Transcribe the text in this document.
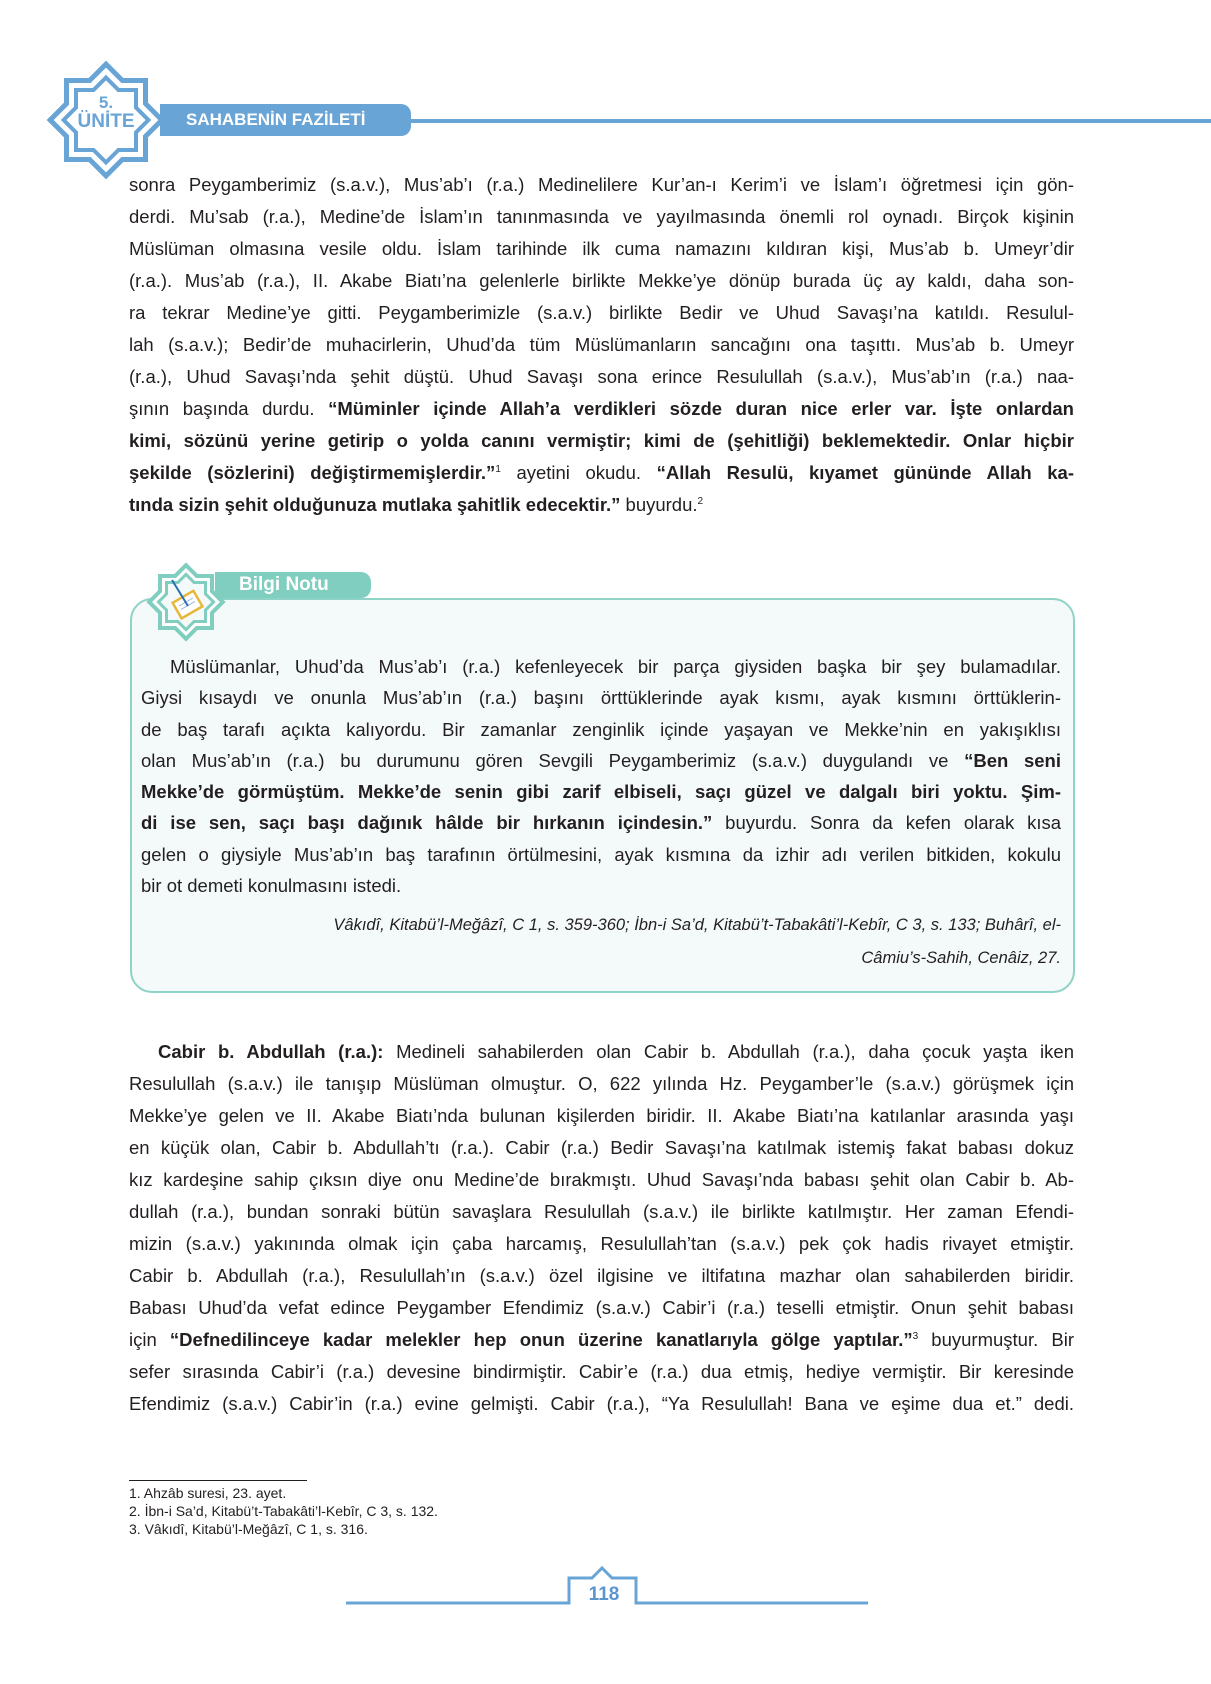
5.
ÜNİTE	SAHABENİN FAZİLETİ
sonra Peygamberimiz (s.a.v.), Mus’ab’ı (r.a.) Medinelilere Kur’an-ı Kerim’i ve İslam’ı öğretmesi için gön-
derdi. Mu’sab (r.a.), Medine’de İslam’ın tanınmasında ve yayılmasında önemli rol oynadı. Birçok kişinin
Müslüman olmasına vesile oldu. İslam tarihinde ilk cuma namazını kıldıran kişi, Mus’ab b. Umeyr’dir
(r.a.). Mus’ab (r.a.), II. Akabe Biatı’na gelenlerle birlikte Mekke’ye dönüp burada üç ay kaldı, daha son-
ra tekrar Medine’ye gitti. Peygamberimizle (s.a.v.) birlikte Bedir ve Uhud Savaşı’na katıldı. Resulul-
lah (s.a.v.); Bedir’de muhacirlerin, Uhud’da tüm Müslümanların sancağını ona taşıttı. Mus’ab b. Umeyr
(r.a.), Uhud Savaşı’nda şehit düştü. Uhud Savaşı sona erince Resulullah (s.a.v.), Mus’ab’ın (r.a.) naa-
şının başında durdu. “Müminler içinde Allah’a verdikleri sözde duran nice erler var. İşte onlardan
kimi, sözünü yerine getirip o yolda canını vermiştir; kimi de (şehitliği) beklemektedir. Onlar hiçbir
şekilde (sözlerini) değiştirmemişlerdir.”$^1$ ayetini okudu. “Allah Resulü, kıyamet gününde Allah ka-
tında sizin şehit olduğunuza mutlaka şahitlik edecektir.” buyurdu.$^2$
Bilgi Notu
Müslümanlar, Uhud’da Mus’ab’ı (r.a.) kefenleyecek bir parça giysiden başka bir şey bulamadılar.
Giysi kısaydı ve onunla Mus’ab’ın (r.a.) başını örttüklerinde ayak kısmı, ayak kısmını örttüklerin-
de baş tarafı açıkta kalıyordu. Bir zamanlar zenginlik içinde yaşayan ve Mekke’nin en yakışıklısı
olan Mus’ab’ın (r.a.) bu durumunu gören Sevgili Peygamberimiz (s.a.v.) duygulandı ve “Ben seni
Mekke’de görmüştüm. Mekke’de senin gibi zarif elbiseli, saçı güzel ve dalgalı biri yoktu. Şim-
di ise sen, saçı başı dağınık hâlde bir hırkanın içindesin.” buyurdu. Sonra da kefen olarak kısa
gelen o giysiyle Mus’ab’ın baş tarafının örtülmesini, ayak kısmına da izhir adı verilen bitkiden, kokulu
bir ot demeti konulmasını istedi.
Vâkıdî, Kitabü’l-Meğâzî, C 1, s. 359-360; İbn-i Sa’d, Kitabü’t-Tabakâti’l-Kebîr, C 3, s. 133; Buhârî, el-
Câmiu’s-Sahih, Cenâiz, 27.
Cabir b. Abdullah (r.a.): Medineli sahabilerden olan Cabir b. Abdullah (r.a.), daha çocuk yaşta iken
Resulullah (s.a.v.) ile tanışıp Müslüman olmuştur. O, 622 yılında Hz. Peygamber’le (s.a.v.) görüşmek için
Mekke’ye gelen ve II. Akabe Biatı’nda bulunan kişilerden biridir. II. Akabe Biatı’na katılanlar arasında yaşı
en küçük olan, Cabir b. Abdullah’tı (r.a.). Cabir (r.a.) Bedir Savaşı’na katılmak istemiş fakat babası dokuz
kız kardeşine sahip çıksın diye onu Medine’de bırakmıştı. Uhud Savaşı’nda babası şehit olan Cabir b. Ab-
dullah (r.a.), bundan sonraki bütün savaşlara Resulullah (s.a.v.) ile birlikte katılmıştır. Her zaman Efendi-
mizin (s.a.v.) yakınında olmak için çaba harcamış, Resulullah’tan (s.a.v.) pek çok hadis rivayet etmiştir.
Cabir b. Abdullah (r.a.), Resulullah’ın (s.a.v.) özel ilgisine ve iltifatına mazhar olan sahabilerden biridir.
Babası Uhud’da vefat edince Peygamber Efendimiz (s.a.v.) Cabir’i (r.a.) teselli etmiştir. Onun şehit babası
için “Defnedilinceye kadar melekler hep onun üzerine kanatlarıyla gölge yaptılar.”$^3$ buyurmuştur. Bir
sefer sırasında Cabir’i (r.a.) devesine bindirmiştir. Cabir’e (r.a.) dua etmiş, hediye vermiştir. Bir keresinde
Efendimiz (s.a.v.) Cabir’in (r.a.) evine gelmişti. Cabir (r.a.), “Ya Resulullah! Bana ve eşime dua et.” dedi.
1. Ahzâb suresi, 23. ayet.
2. İbn-i Sa’d, Kitabü’t-Tabakâti’l-Kebîr, C 3, s. 132.
3. Vâkıdî, Kitabü’l-Meğâzî, C 1, s. 316.
118
